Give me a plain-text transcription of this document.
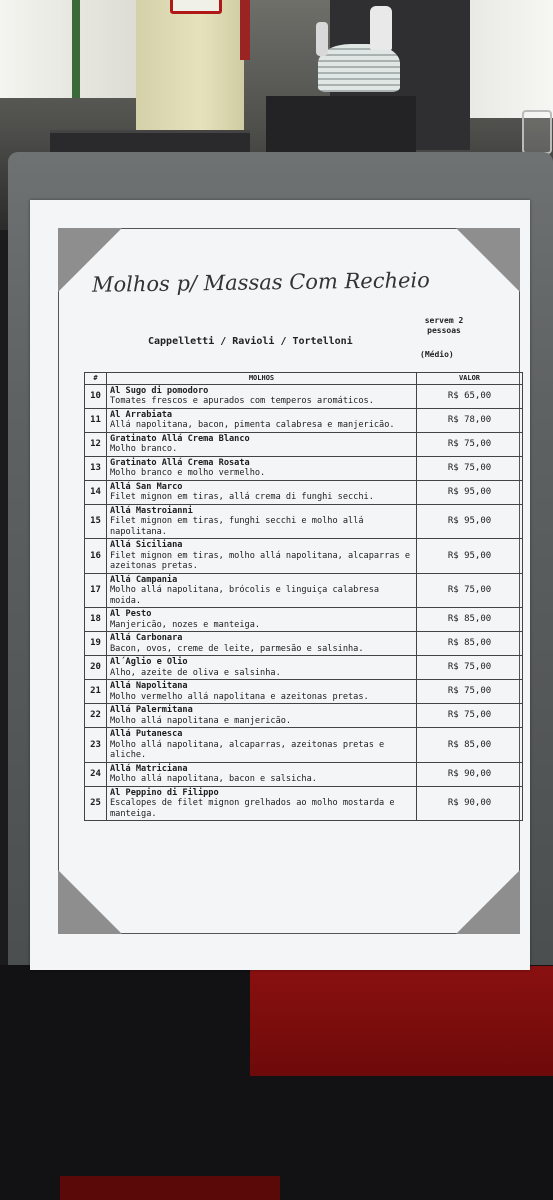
Molhos p/ Massas Com Recheio
Cappelletti / Ravioli / Tortelloni
servem 2 pessoas
(Médio)
#	MOLHOS	VALOR
10	Al Sugo di pomodoro
Tomates frescos e apurados com temperos aromáticos.	R$ 65,00
11	Al Arrabiata
Allá napolitana, bacon, pimenta calabresa e manjericão.	R$ 78,00
12	Gratinato Allá Crema Blanco
Molho branco.	R$ 75,00
13	Gratinato Allá Crema Rosata
Molho branco e molho vermelho.	R$ 75,00
14	Allá San Marco
Filet mignon em tiras, allá crema di funghi secchi.	R$ 95,00
15	Allá Mastroianni
Filet mignon em tiras, funghi secchi e molho allá napolitana.	R$ 95,00
16	Allá Siciliana
Filet mignon em tiras, molho allá napolitana, alcaparras e azeitonas pretas.	R$ 95,00
17	Allá Campania
Molho allá napolitana, brócolis e linguiça calabresa moida.	R$ 75,00
18	Al Pesto
Manjericão, nozes e manteiga.	R$ 85,00
19	Allá Carbonara
Bacon, ovos, creme de leite, parmesão e salsinha.	R$ 85,00
20	Al´Aglio e Olio
Alho, azeite de oliva e salsinha.	R$ 75,00
21	Allá Napolitana
Molho vermelho allá napolitana e azeitonas pretas.	R$ 75,00
22	Allá Palermitana
Molho allá napolitana e manjericão.	R$ 75,00
23	Allá Putanesca
Molho allá napolitana, alcaparras, azeitonas pretas e aliche.	R$ 85,00
24	Allá Matriciana
Molho allá napolitana, bacon e salsicha.	R$ 90,00
25	Al Peppino di Filippo
Escalopes de filet mignon grelhados ao molho mostarda e manteiga.	R$ 90,00
